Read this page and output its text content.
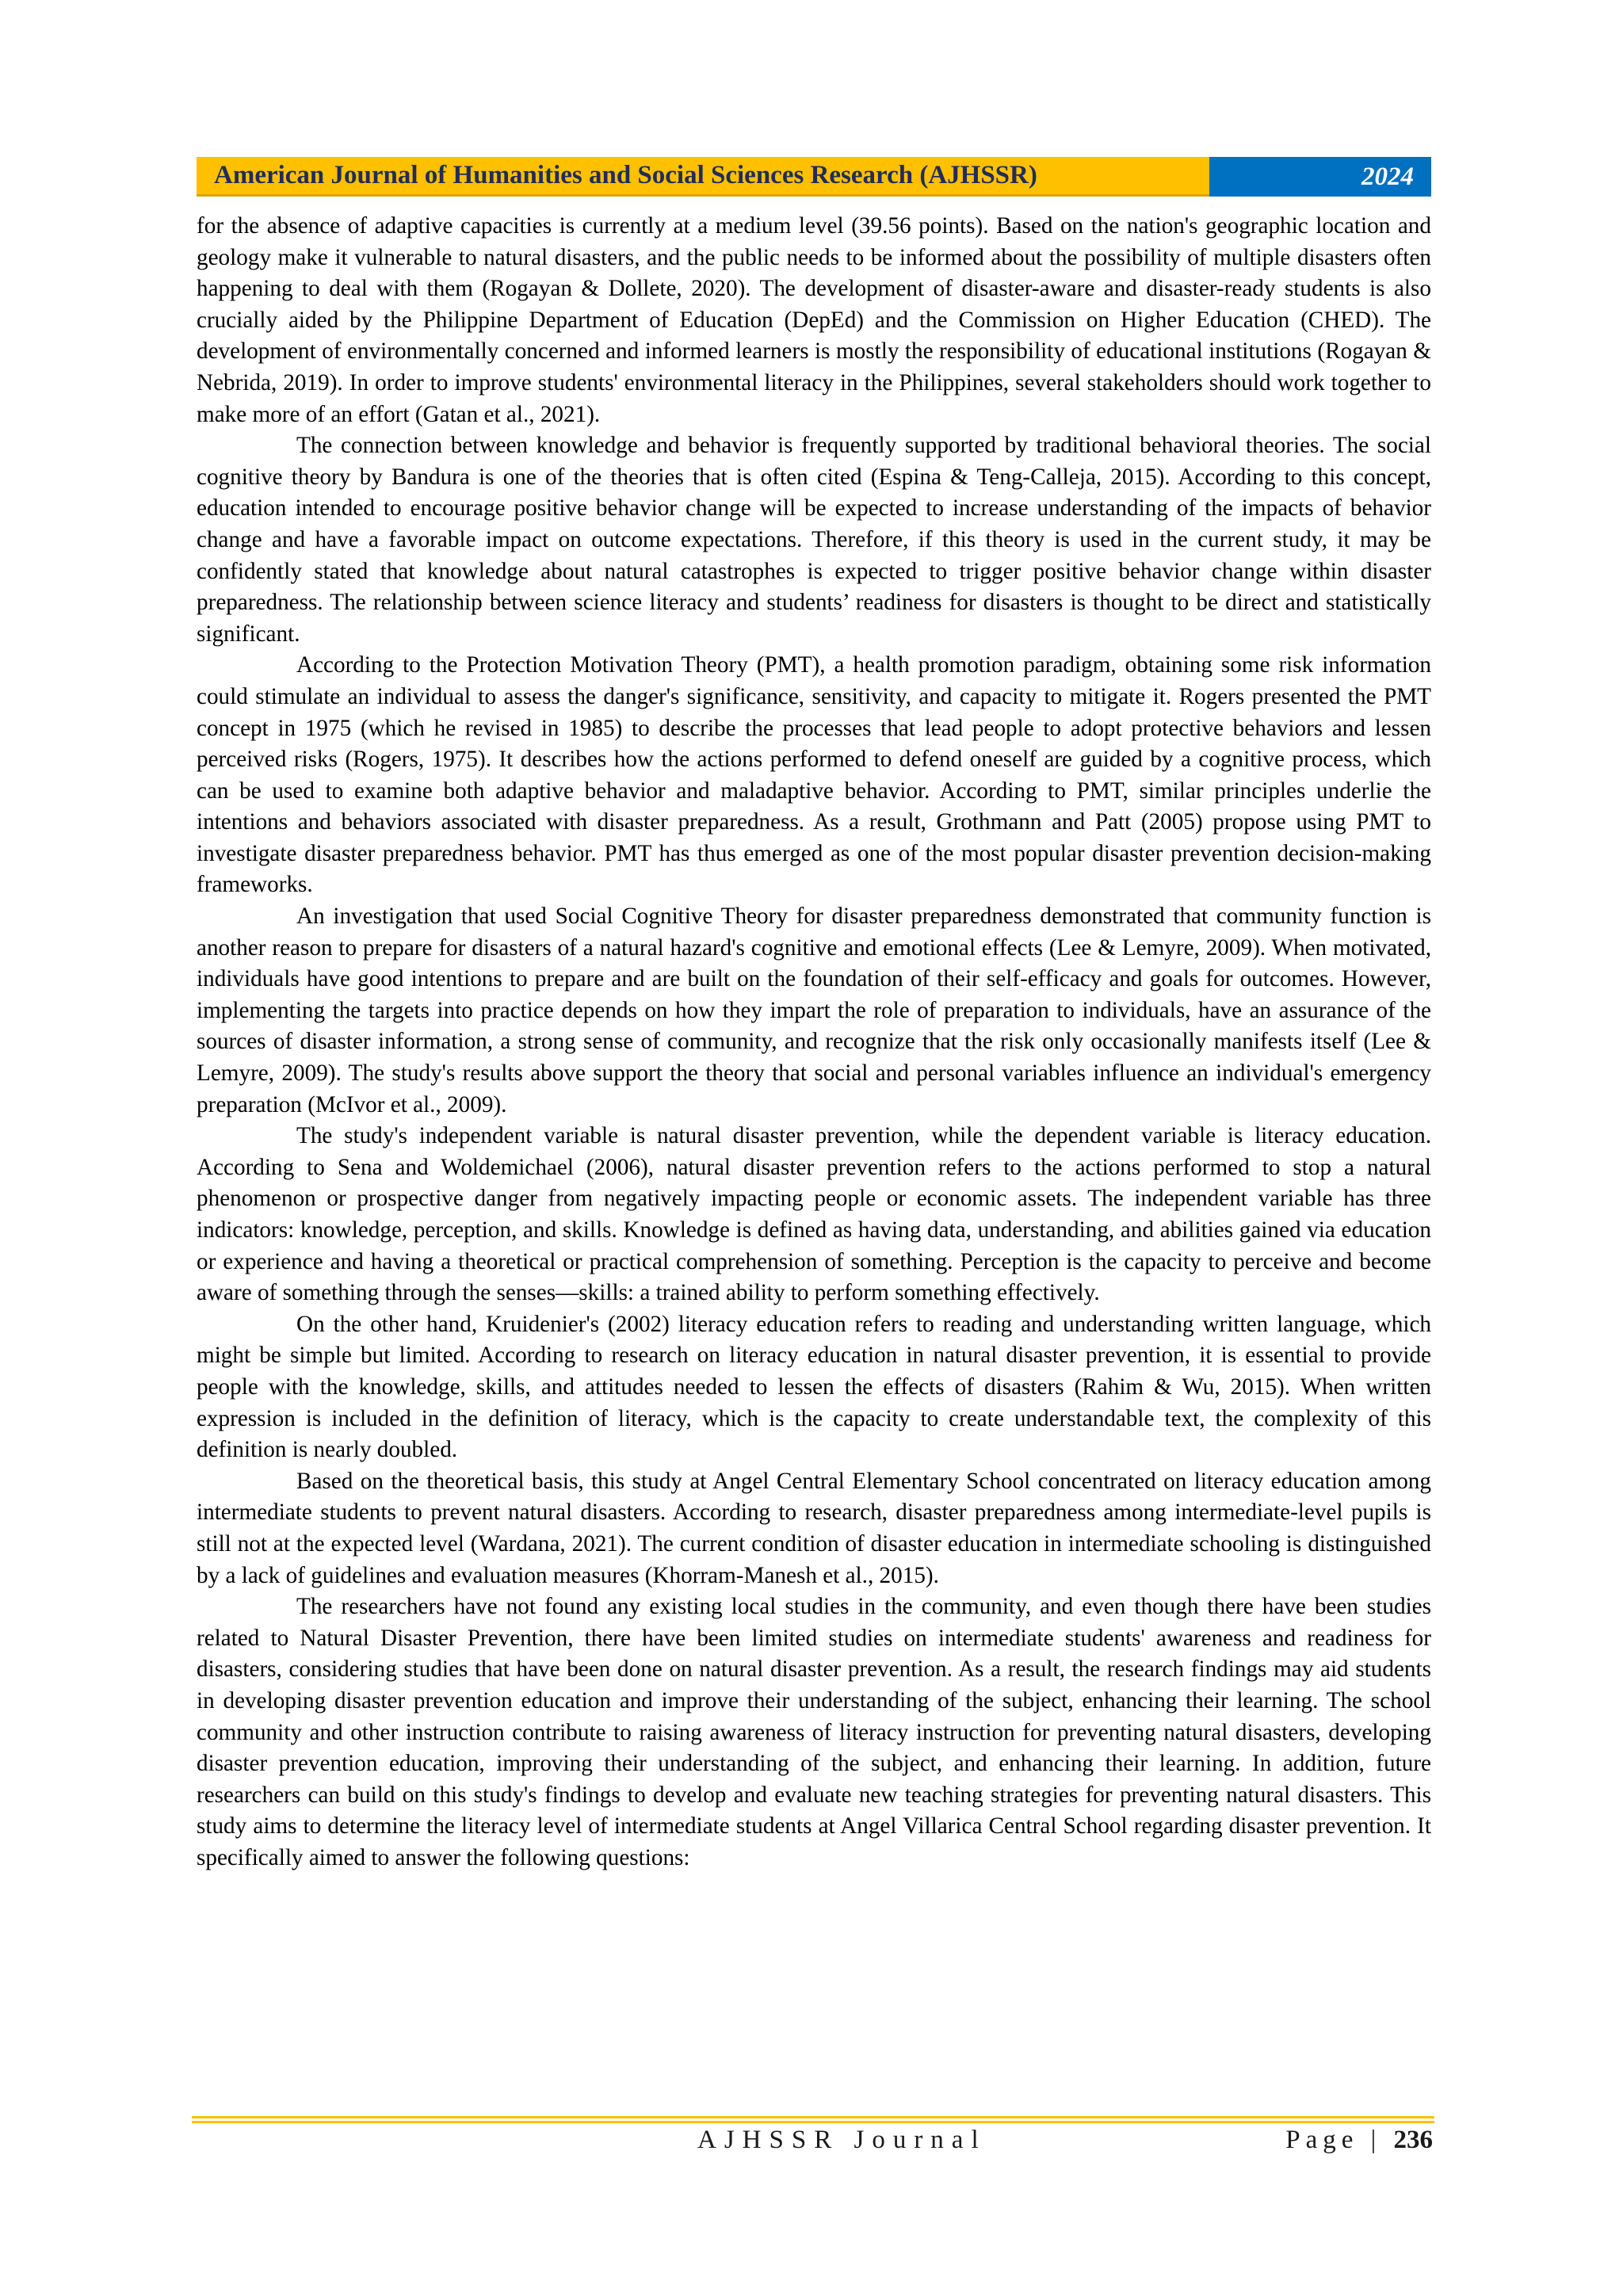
American Journal of Humanities and Social Sciences Research (AJHSSR)	2024

for the absence of adaptive capacities is currently at a medium level (39.56 points). Based on the nation's geographic location and geology make it vulnerable to natural disasters, and the public needs to be informed about the possibility of multiple disasters often happening to deal with them (Rogayan & Dollete, 2020). The development of disaster-aware and disaster-ready students is also crucially aided by the Philippine Department of Education (DepEd) and the Commission on Higher Education (CHED). The development of environmentally concerned and informed learners is mostly the responsibility of educational institutions (Rogayan & Nebrida, 2019). In order to improve students' environmental literacy in the Philippines, several stakeholders should work together to make more of an effort (Gatan et al., 2021).

The connection between knowledge and behavior is frequently supported by traditional behavioral theories. The social cognitive theory by Bandura is one of the theories that is often cited (Espina & Teng-Calleja, 2015). According to this concept, education intended to encourage positive behavior change will be expected to increase understanding of the impacts of behavior change and have a favorable impact on outcome expectations. Therefore, if this theory is used in the current study, it may be confidently stated that knowledge about natural catastrophes is expected to trigger positive behavior change within disaster preparedness. The relationship between science literacy and students’ readiness for disasters is thought to be direct and statistically significant.

According to the Protection Motivation Theory (PMT), a health promotion paradigm, obtaining some risk information could stimulate an individual to assess the danger's significance, sensitivity, and capacity to mitigate it. Rogers presented the PMT concept in 1975 (which he revised in 1985) to describe the processes that lead people to adopt protective behaviors and lessen perceived risks (Rogers, 1975). It describes how the actions performed to defend oneself are guided by a cognitive process, which can be used to examine both adaptive behavior and maladaptive behavior. According to PMT, similar principles underlie the intentions and behaviors associated with disaster preparedness. As a result, Grothmann and Patt (2005) propose using PMT to investigate disaster preparedness behavior. PMT has thus emerged as one of the most popular disaster prevention decision-making frameworks.

An investigation that used Social Cognitive Theory for disaster preparedness demonstrated that community function is another reason to prepare for disasters of a natural hazard's cognitive and emotional effects (Lee & Lemyre, 2009). When motivated, individuals have good intentions to prepare and are built on the foundation of their self-efficacy and goals for outcomes. However, implementing the targets into practice depends on how they impart the role of preparation to individuals, have an assurance of the sources of disaster information, a strong sense of community, and recognize that the risk only occasionally manifests itself (Lee & Lemyre, 2009). The study's results above support the theory that social and personal variables influence an individual's emergency preparation (McIvor et al., 2009).

The study's independent variable is natural disaster prevention, while the dependent variable is literacy education. According to Sena and Woldemichael (2006), natural disaster prevention refers to the actions performed to stop a natural phenomenon or prospective danger from negatively impacting people or economic assets. The independent variable has three indicators: knowledge, perception, and skills. Knowledge is defined as having data, understanding, and abilities gained via education or experience and having a theoretical or practical comprehension of something. Perception is the capacity to perceive and become aware of something through the senses—skills: a trained ability to perform something effectively.

On the other hand, Kruidenier's (2002) literacy education refers to reading and understanding written language, which might be simple but limited. According to research on literacy education in natural disaster prevention, it is essential to provide people with the knowledge, skills, and attitudes needed to lessen the effects of disasters (Rahim & Wu, 2015). When written expression is included in the definition of literacy, which is the capacity to create understandable text, the complexity of this definition is nearly doubled.

Based on the theoretical basis, this study at Angel Central Elementary School concentrated on literacy education among intermediate students to prevent natural disasters. According to research, disaster preparedness among intermediate-level pupils is still not at the expected level (Wardana, 2021). The current condition of disaster education in intermediate schooling is distinguished by a lack of guidelines and evaluation measures (Khorram-Manesh et al., 2015).

The researchers have not found any existing local studies in the community, and even though there have been studies related to Natural Disaster Prevention, there have been limited studies on intermediate students' awareness and readiness for disasters, considering studies that have been done on natural disaster prevention. As a result, the research findings may aid students in developing disaster prevention education and improve their understanding of the subject, enhancing their learning. The school community and other instruction contribute to raising awareness of literacy instruction for preventing natural disasters, developing disaster prevention education, improving their understanding of the subject, and enhancing their learning. In addition, future researchers can build on this study's findings to develop and evaluate new teaching strategies for preventing natural disasters. This study aims to determine the literacy level of intermediate students at Angel Villarica Central School regarding disaster prevention. It specifically aimed to answer the following questions:

AJHSSR Journal	Page | 236
